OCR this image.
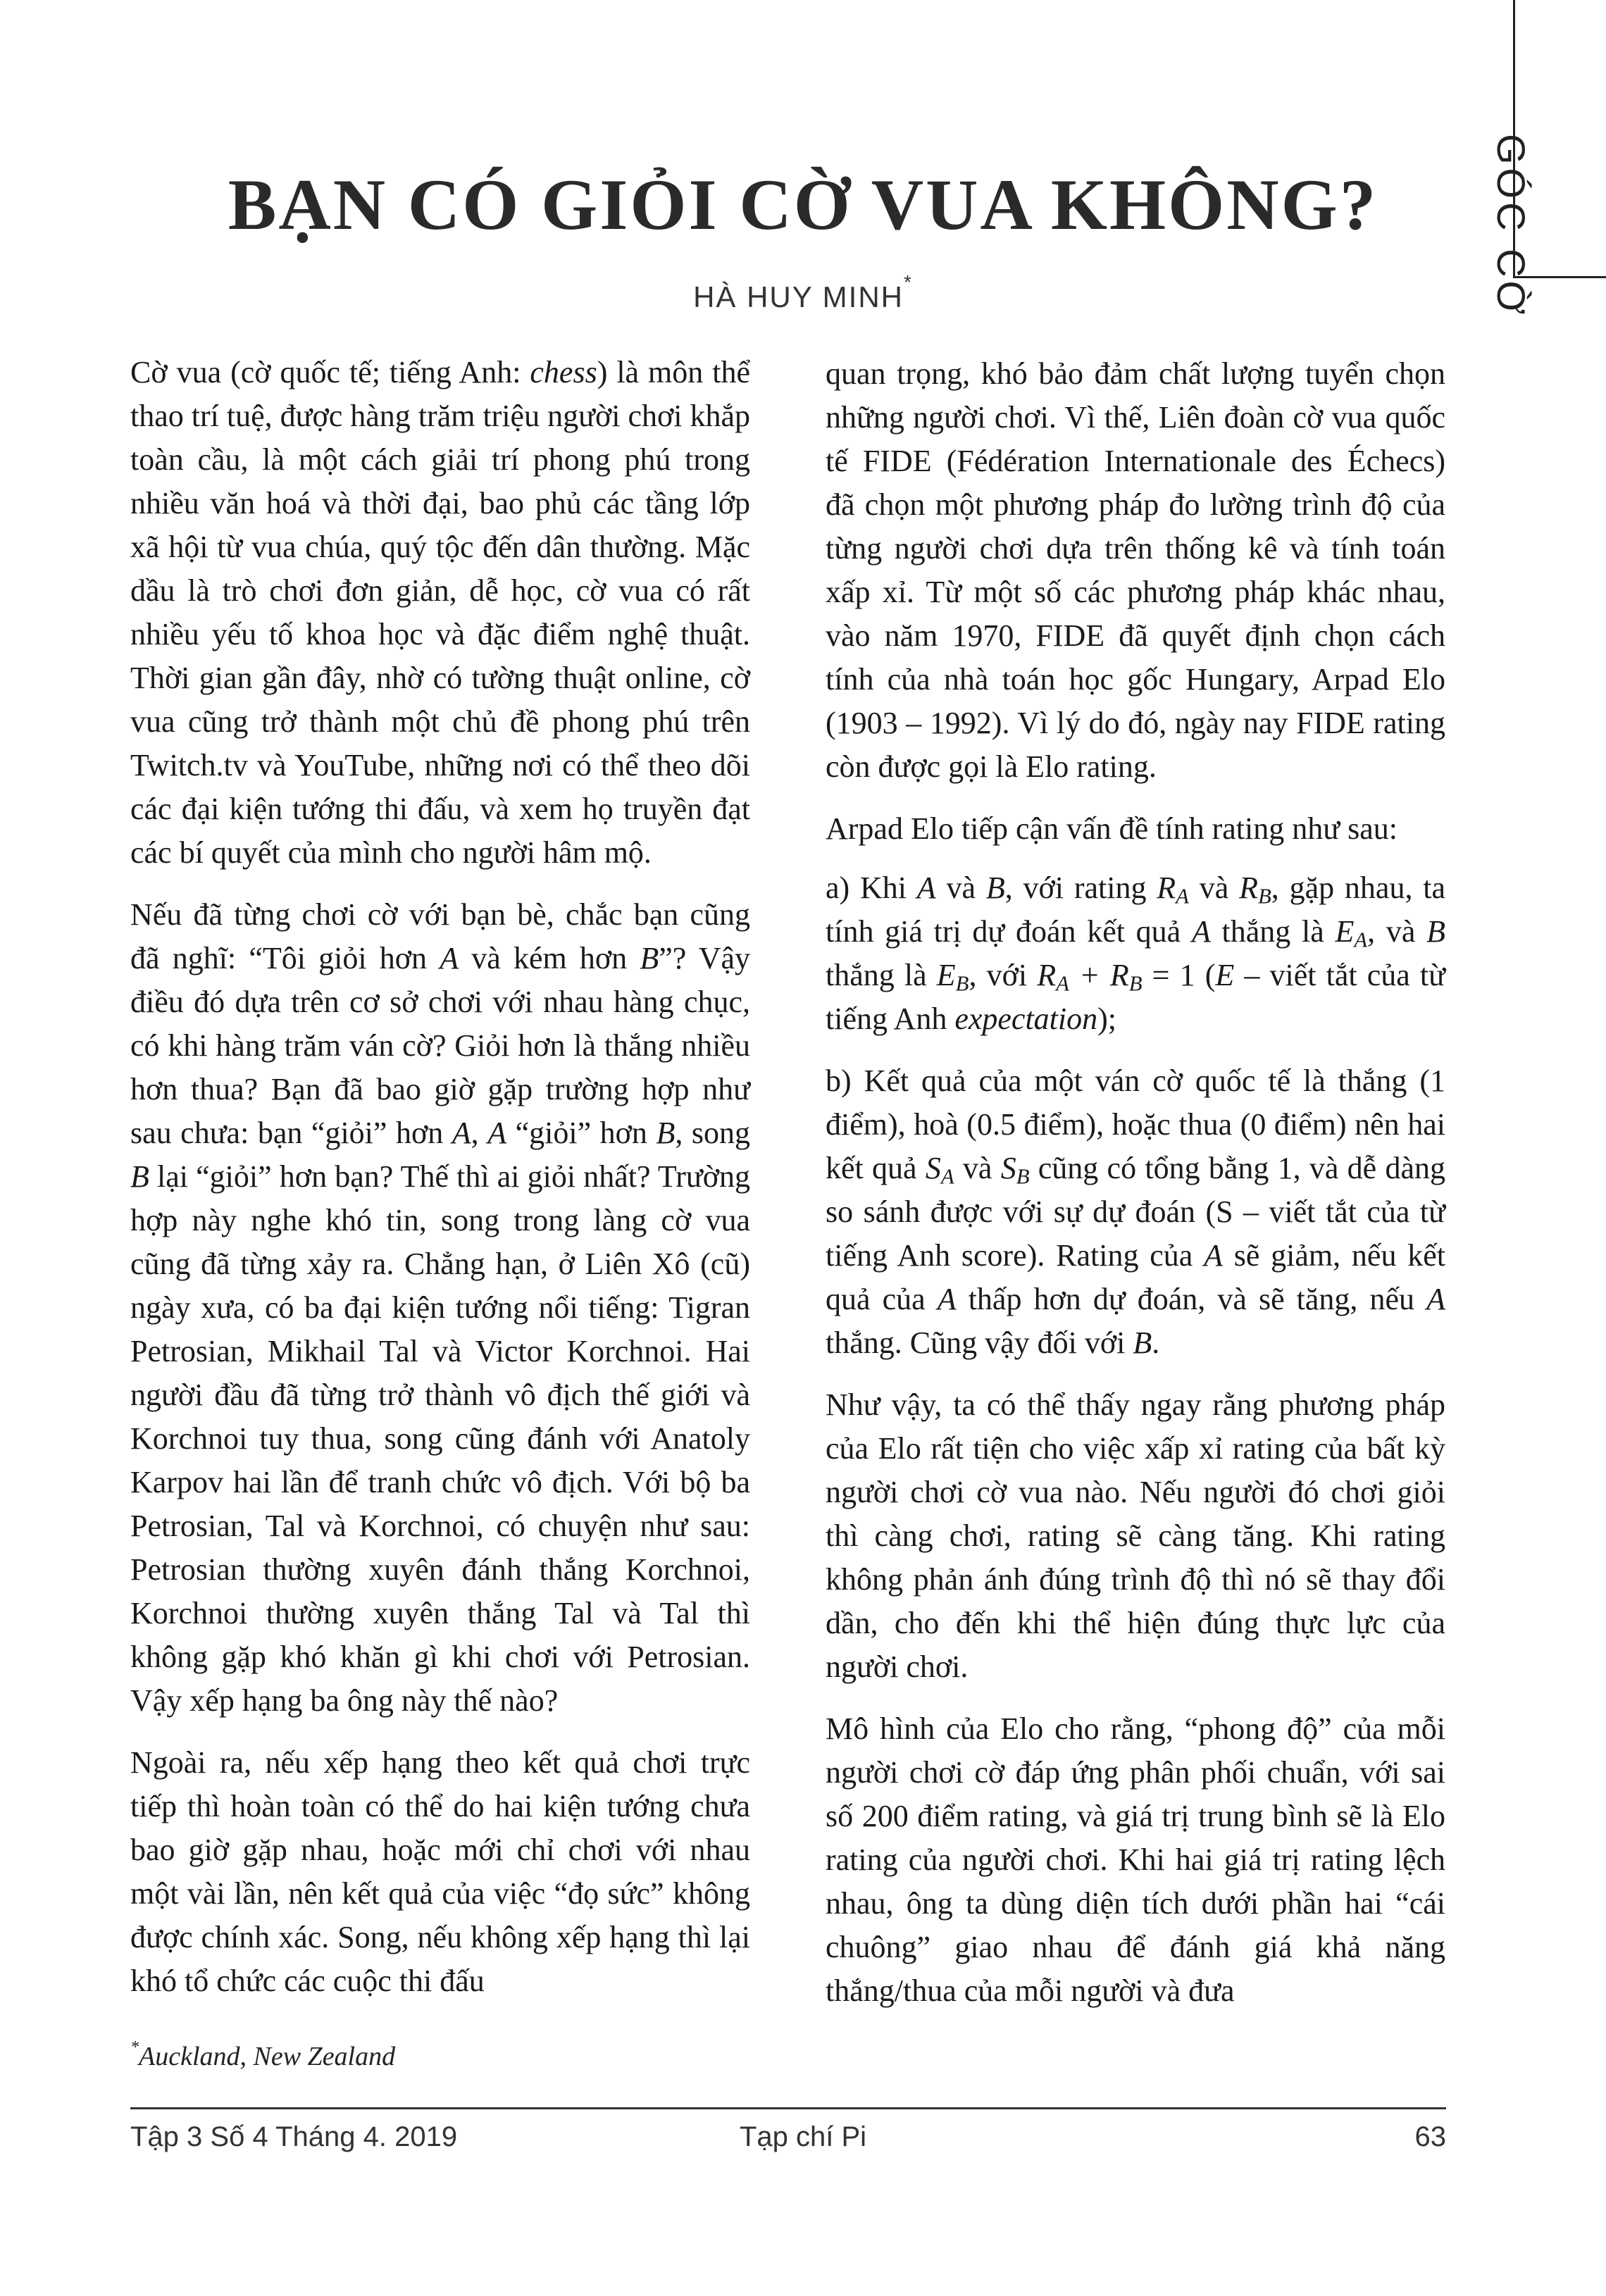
GÓC CỜ
BẠN CÓ GIỎI CỜ VUA KHÔNG?
HÀ HUY MINH*

Cờ vua (cờ quốc tế; tiếng Anh: chess) là môn thể thao trí tuệ, được hàng trăm triệu người chơi khắp toàn cầu, là một cách giải trí phong phú trong nhiều văn hoá và thời đại, bao phủ các tầng lớp xã hội từ vua chúa, quý tộc đến dân thường. Mặc dầu là trò chơi đơn giản, dễ học, cờ vua có rất nhiều yếu tố khoa học và đặc điểm nghệ thuật. Thời gian gần đây, nhờ có tường thuật online, cờ vua cũng trở thành một chủ đề phong phú trên Twitch.tv và YouTube, những nơi có thể theo dõi các đại kiện tướng thi đấu, và xem họ truyền đạt các bí quyết của mình cho người hâm mộ.

Nếu đã từng chơi cờ với bạn bè, chắc bạn cũng đã nghĩ: “Tôi giỏi hơn A và kém hơn B”? Vậy điều đó dựa trên cơ sở chơi với nhau hàng chục, có khi hàng trăm ván cờ? Giỏi hơn là thắng nhiều hơn thua? Bạn đã bao giờ gặp trường hợp như sau chưa: bạn “giỏi” hơn A, A “giỏi” hơn B, song B lại “giỏi” hơn bạn? Thế thì ai giỏi nhất? Trường hợp này nghe khó tin, song trong làng cờ vua cũng đã từng xảy ra. Chẳng hạn, ở Liên Xô (cũ) ngày xưa, có ba đại kiện tướng nổi tiếng: Tigran Petrosian, Mikhail Tal và Victor Korchnoi. Hai người đầu đã từng trở thành vô địch thế giới và Korchnoi tuy thua, song cũng đánh với Anatoly Karpov hai lần để tranh chức vô địch. Với bộ ba Petrosian, Tal và Korchnoi, có chuyện như sau: Petrosian thường xuyên đánh thắng Korchnoi, Korchnoi thường xuyên thắng Tal và Tal thì không gặp khó khăn gì khi chơi với Petrosian. Vậy xếp hạng ba ông này thế nào?

Ngoài ra, nếu xếp hạng theo kết quả chơi trực tiếp thì hoàn toàn có thể do hai kiện tướng chưa bao giờ gặp nhau, hoặc mới chỉ chơi với nhau một vài lần, nên kết quả của việc “đọ sức” không được chính xác. Song, nếu không xếp hạng thì lại khó tổ chức các cuộc thi đấu

quan trọng, khó bảo đảm chất lượng tuyển chọn những người chơi. Vì thế, Liên đoàn cờ vua quốc tế FIDE (Fédération Internationale des Échecs) đã chọn một phương pháp đo lường trình độ của từng người chơi dựa trên thống kê và tính toán xấp xỉ. Từ một số các phương pháp khác nhau, vào năm 1970, FIDE đã quyết định chọn cách tính của nhà toán học gốc Hungary, Arpad Elo (1903 – 1992). Vì lý do đó, ngày nay FIDE rating còn được gọi là Elo rating.

Arpad Elo tiếp cận vấn đề tính rating như sau:

a) Khi A và B, với rating $R_A$ và $R_B$, gặp nhau, ta tính giá trị dự đoán kết quả A thắng là $E_A$, và B thắng là $E_B$, với $R_A + R_B = 1$ (E – viết tắt của từ tiếng Anh expectation);

b) Kết quả của một ván cờ quốc tế là thắng (1 điểm), hoà (0.5 điểm), hoặc thua (0 điểm) nên hai kết quả $S_A$ và $S_B$ cũng có tổng bằng 1, và dễ dàng so sánh được với sự dự đoán (S – viết tắt của từ tiếng Anh score). Rating của A sẽ giảm, nếu kết quả của A thấp hơn dự đoán, và sẽ tăng, nếu A thắng. Cũng vậy đối với B.

Như vậy, ta có thể thấy ngay rằng phương pháp của Elo rất tiện cho việc xấp xỉ rating của bất kỳ người chơi cờ vua nào. Nếu người đó chơi giỏi thì càng chơi, rating sẽ càng tăng. Khi rating không phản ánh đúng trình độ thì nó sẽ thay đổi dần, cho đến khi thể hiện đúng thực lực của người chơi.

Mô hình của Elo cho rằng, “phong độ” của mỗi người chơi cờ đáp ứng phân phối chuẩn, với sai số 200 điểm rating, và giá trị trung bình sẽ là Elo rating của người chơi. Khi hai giá trị rating lệch nhau, ông ta dùng diện tích dưới phần hai “cái chuông” giao nhau để đánh giá khả năng thắng/thua của mỗi người và đưa

*Auckland, New Zealand
Tập 3 Số 4 Tháng 4. 2019	Tạp chí Pi	63
